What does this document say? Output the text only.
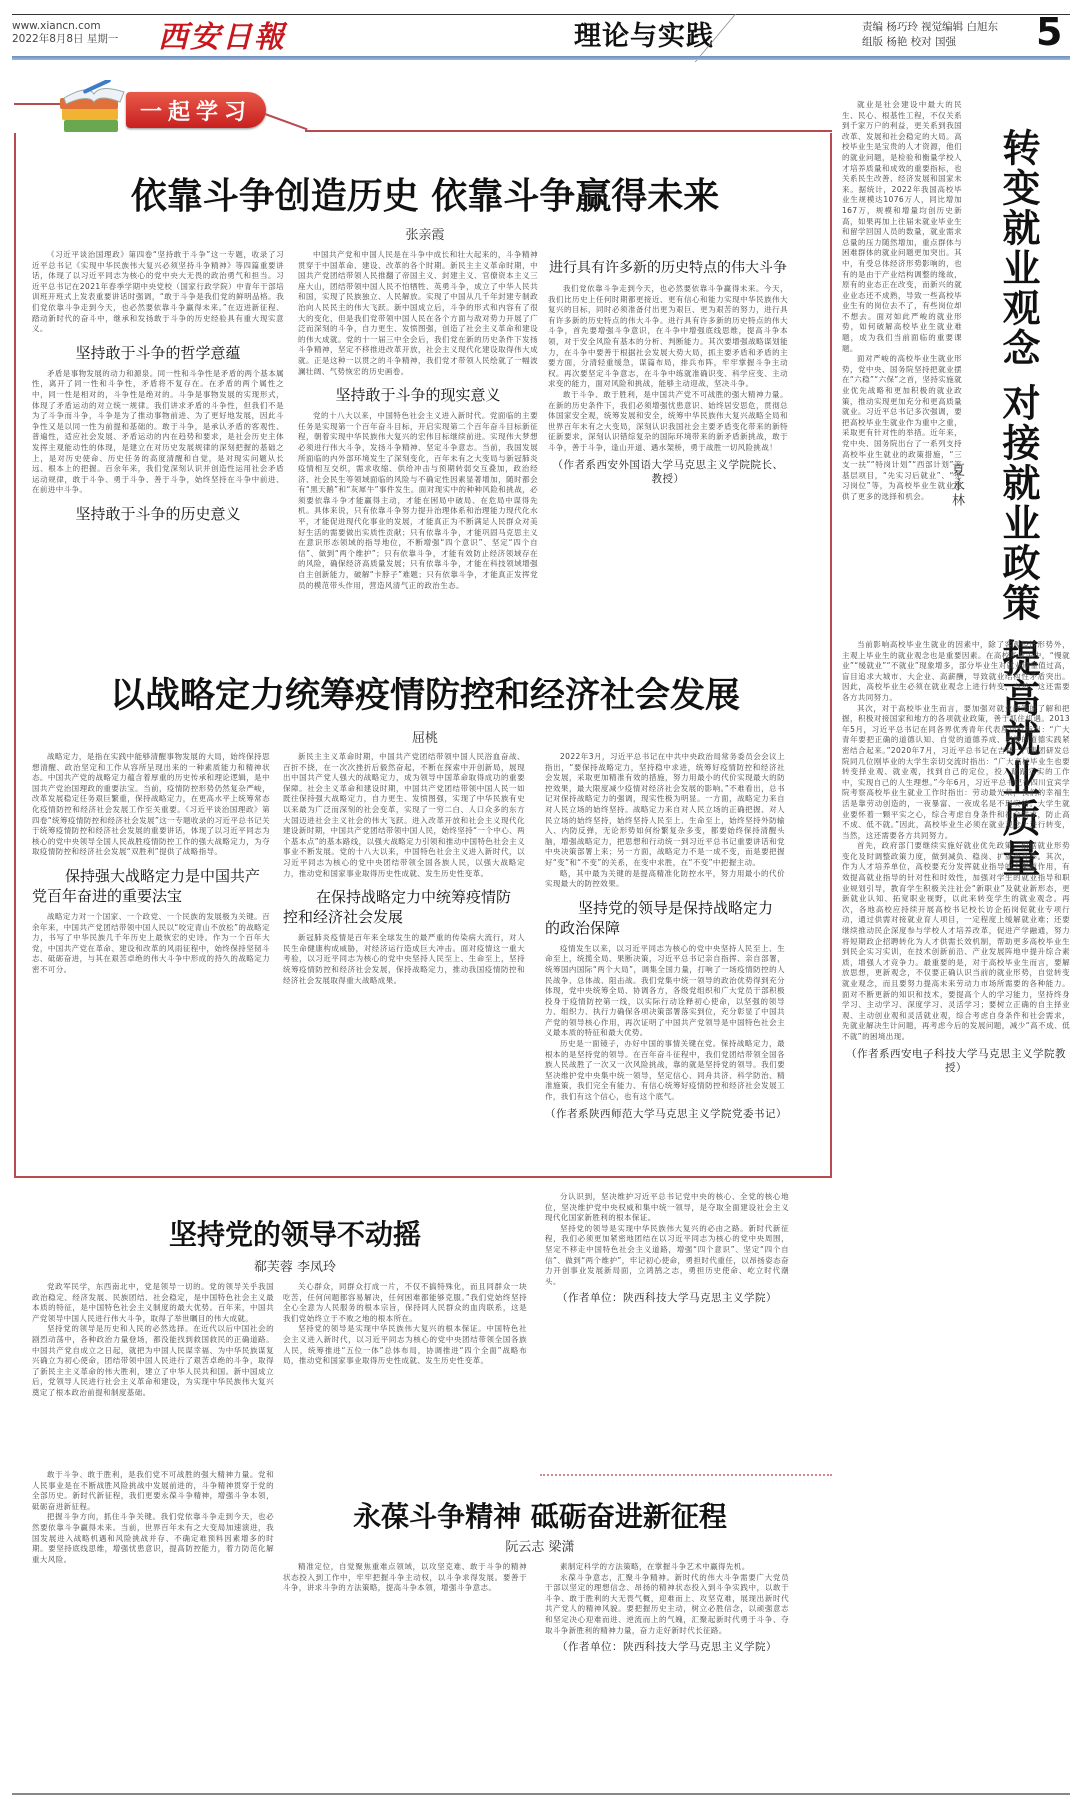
www.xiancn.com
2022年8月8日 星期一 西安日報	理论与实践	责编 杨巧玲 视觉编辑 白旭东
组版 杨艳 校对 国强	5
一起学习
依靠斗争创造历史 依靠斗争赢得未来
张亲霞

《习近平谈治国理政》第四卷“坚持敢于斗争”这一专题，收录了习近平总书记《实现中华民族伟大复兴必须坚持斗争精神》等四篇重要讲话，体现了以习近平同志为核心的党中央大无畏的政治勇气和担当。习近平总书记在2021年春季学期中央党校（国家行政学院）中青年干部培训班开班式上发表重要讲话时强调，“敢于斗争是我们党的鲜明品格。我们党依靠斗争走到今天，也必然要依靠斗争赢得未来。”在迈进新征程、踏动新时代的奋斗中，继承和发扬敢于斗争的历史经验具有重大现实意义。

坚持敢于斗争的哲学意蕴

矛盾是事物发展的动力和源泉。同一性和斗争性是矛盾的两个基本属性，离开了同一性和斗争性，矛盾将不复存在。在矛盾的两个属性之中，同一性是相对的，斗争性是绝对的。斗争是事物发展的实现形式，体现了矛盾运动的对立统一规律。我们讲求矛盾的斗争性，但我们不是为了斗争而斗争，斗争是为了推动事物前进、为了更好地发展，因此斗争性又是以同一性为前提和基础的。敢于斗争，是承认矛盾的客观性、普遍性，适应社会发展、矛盾运动的内在趋势和要求，是社会历史主体发挥主观能动性的体现，是建立在对历史发展规律的深刻把握的基础之上，是对历史使命、历史任务的高度清醒和自觉，是对现实问题从长远、根本上的把握。百余年来，我们党深刻认识并创造性运用社会矛盾运动规律，敢于斗争、勇于斗争、善于斗争，始终坚持在斗争中前进、在前进中斗争。

坚持敢于斗争的历史意义

中国共产党和中国人民是在斗争中成长和壮大起来的，斗争精神贯穿于中国革命、建设、改革的各个时期。新民主主义革命时期，中国共产党团结带领人民推翻了帝国主义、封建主义、官僚资本主义三座大山，团结带领中国人民不怕牺牲、英勇斗争，成立了中华人民共和国，实现了民族独立、人民解放。实现了中国从几千年封建专制政治向人民民主的伟大飞跃。新中国成立后，斗争的形式和内容有了很大的变化，但是我们党带领中国人民在各个方面与敌对势力开展了广泛而深刻的斗争，自力更生、发愤图强，创造了社会主义革命和建设的伟大成就。党的十一届三中全会后，我们党在新的历史条件下发扬斗争精神，坚定不移推进改革开放，社会主义现代化建设取得伟大成就。正是这种一以贯之的斗争精神，我们党才带领人民绘就了一幅波澜壮阔、气势恢宏的历史画卷。

坚持敢于斗争的现实意义

党的十八大以来，中国特色社会主义进入新时代。党面临的主要任务是实现第一个百年奋斗目标，开启实现第二个百年奋斗目标新征程，朝着实现中华民族伟大复兴的宏伟目标继续前进。实现伟大梦想必须进行伟大斗争，发扬斗争精神、坚定斗争意志。当前，我国发展所面临的内外部环境发生了深刻变化，百年未有之大变局与新冠肺炎疫情相互交织，需求收缩、供给冲击与预期转弱交互叠加，政治经济、社会民生等领域面临的风险与不确定性因素显著增加，随时都会有“黑天鹅”和“灰犀牛”事件发生。面对现实中的种种风险和挑战，必须要依靠斗争才能赢得主动，才能在困局中破局、在危局中谋得先机。具体来说，只有依靠斗争努力提升治理体系和治理能力现代化水平，才能促进现代化事业的发展，才能真正为不断满足人民群众对美好生活的需要做出实质性贡献；只有依靠斗争，才能巩固马克思主义在意识形态领域的指导地位，不断增强“四个意识”、坚定“四个自信”、做到“两个维护”；只有依靠斗争，才能有效防止经济领域存在的风险，确保经济高质量发展；只有依靠斗争，才能在科技领域增强自主创新能力，破解“卡脖子”难题；只有依靠斗争，才能真正发挥党员的模范带头作用，营造风清气正的政治生态。

进行具有许多新的历史特点的伟大斗争

我们党依靠斗争走到今天，也必然要依靠斗争赢得未来。今天，我们比历史上任何时期都更接近、更有信心和能力实现中华民族伟大复兴的目标，同时必须准备付出更为艰巨、更为艰苦的努力，进行具有许多新的历史特点的伟大斗争。进行具有许多新的历史特点的伟大斗争，首先要增强斗争意识，在斗争中增强底线思维，提高斗争本领，对于安全风险有基本的分析、判断能力。其次要增强战略谋划能力，在斗争中要善于根据社会发展大势大局，抓主要矛盾和矛盾的主要方面，分清轻重缓急，谋篇布局，排兵布阵，牢牢掌握斗争主动权。再次要坚定斗争意志，在斗争中练就准确识变、科学应变、主动求变的能力，面对风险和挑战，能够主动迎战，坚决斗争。

敢于斗争、敢于胜利，是中国共产党不可战胜的强大精神力量。在新的历史条件下，我们必须增强忧患意识、始终居安思危，贯彻总体国家安全观，统筹发展和安全，统筹中华民族伟大复兴战略全局和世界百年未有之大变局，深刻认识我国社会主要矛盾变化带来的新特征新要求，深刻认识错综复杂的国际环境带来的新矛盾新挑战，敢于斗争，善于斗争，逢山开道、遇水架桥，勇于战胜一切风险挑战！

（作者系西安外国语大学马克思主义学院院长、教授）
以战略定力统筹疫情防控和经济社会发展
屈桃

战略定力，是指在实践中能够清醒事物发展的大局，始终保持思想清醒、政治坚定和工作从容所呈现出来的一种素质能力和精神状态。中国共产党的战略定力蕴含着厚重的历史传承和理论逻辑，是中国共产党治国理政的重要法宝。当前，疫情防控形势仍然复杂严峻，改革发展稳定任务艰巨繁重，保持战略定力，在更高水平上统筹常态化疫情防控和经济社会发展工作至关重要。《习近平谈治国理政》第四卷“统筹疫情防控和经济社会发展”这一专题收录的习近平总书记关于统筹疫情防控和经济社会发展的重要讲话，体现了以习近平同志为核心的党中央领导全国人民战胜疫情防控工作的强大战略定力，为夺取疫情防控和经济社会发展“双胜利”提供了战略指导。

保持强大战略定力是中国共产党百年奋进的重要法宝

战略定力对一个国家、一个政党、一个民族的发展极为关键。百余年来，中国共产党团结带领中国人民以“咬定青山不放松”的战略定力，书写了中华民族几千年历史上最恢宏的史诗。作为一个百年大党，中国共产党在革命、建设和改革的风雨征程中，始终保持坚韧斗志、砥砺奋进，与其在艰苦卓绝的伟大斗争中形成的持久的战略定力密不可分。

新民主主义革命时期，中国共产党团结带领中国人民浴血奋战、百折不挠，在一次次挫折后毅然奋起，不断在探索中开创新局，展现出中国共产党人强大的战略定力，成为领导中国革命取得成功的重要保障。社会主义革命和建设时期，中国共产党团结带领中国人民一如既往保持强大战略定力，自力更生、发愤图强，实现了中华民族有史以来最为广泛而深刻的社会变革，实现了一穷二白、人口众多的东方大国迈进社会主义社会的伟大飞跃。进入改革开放和社会主义现代化建设新时期，中国共产党团结带领中国人民，始终坚持“一个中心、两个基本点”的基本路线，以强大战略定力引领和推动中国特色社会主义事业不断发展。党的十八大以来，中国特色社会主义进入新时代，以习近平同志为核心的党中央团结带领全国各族人民，以强大战略定力，推动党和国家事业取得历史性成就、发生历史性变革。

在保持战略定力中统筹疫情防控和经济社会发展

新冠肺炎疫情是百年来全球发生的最严重的传染病大流行，对人民生命健康构成威胁，对经济运行造成巨大冲击。面对疫情这一重大考验，以习近平同志为核心的党中央坚持人民至上、生命至上，坚持统筹疫情防控和经济社会发展，保持战略定力，推动我国疫情防控和经济社会发展取得重大战略成果。

2022年3月，习近平总书记在中共中央政治局常务委员会会议上指出，“要保持战略定力，坚持稳中求进，统筹好疫情防控和经济社会发展，采取更加精准有效的措施，努力用最小的代价实现最大的防控效果，最大限度减少疫情对经济社会发展的影响。”不难看出，总书记对保持战略定力的强调，现实性极为明显。一方面，战略定力来自对人民立场的始终坚持。战略定力来自对人民立场的正确把握、对人民立场的始终坚持，始终坚持人民至上、生命至上，始终坚持外防输入、内防反弹，无论形势如何纷繁复杂多变，都要始终保持清醒头脑，增强战略定力，把思想和行动统一到习近平总书记重要讲话和党中央决策部署上来；另一方面，战略定力不是一成不变，而是要把握好“变”和“不变”的关系，在变中求胜，在“不变”中把握主动。

略，其中最为关键的是提高精准化防控水平，努力用最小的代价实现最大的防控效果。

坚持党的领导是保持战略定力的政治保障

疫情发生以来，以习近平同志为核心的党中央坚持人民至上、生命至上，统揽全局、果断决策，习近平总书记亲自指挥、亲自部署，统筹国内国际“两个大局”，调集全国力量，打响了一场疫情防控的人民战争、总体战、阻击战。我们党集中统一领导的政治优势得到充分体现，党中央统筹全局、协调各方，各级党组织和广大党员干部积极投身于疫情防控第一线，以实际行动诠释初心使命，以坚强的领导力、组织力、执行力确保各项决策部署落实到位，充分彰显了中国共产党的领导核心作用，再次证明了中国共产党领导是中国特色社会主义最本质的特征和最大优势。

历史是一面镜子，办好中国的事情关键在党。保持战略定力，最根本的是坚持党的领导。在百年奋斗征程中，我们党团结带领全国各族人民战胜了一次又一次风险挑战，靠的就是坚持党的领导。我们要坚决维护党中央集中统一领导，坚定信心、同舟共济、科学防治、精准施策，我们完全有能力、有信心统筹好疫情防控和经济社会发展工作，我们有这个信心，也有这个底气。

（作者系陕西师范大学马克思主义学院党委书记）
转变就业观念 对接就业政策 提高就业质量
夏永林

就业是社会建设中最大的民生、民心、根基性工程，不仅关系到千家万户的利益，更关系到我国改革、发展和社会稳定的大局。高校毕业生是宝贵的人才资源，他们的就业问题，是检验和衡量学校人才培养质量和成效的重要指标，也关系民生改善、经济发展和国家未来。据统计，2022年我国高校毕业生规模达1076万人，同比增加167万，规模和增量均创历史新高，如果再加上往届未就业毕业生和留学回国人员的数量，就业需求总量的压力随然增加，重点群体与困难群体的就业问题更加突出。其中，有受总体经济形势影响的，也有的是由于产业结构调整的缘故，原有的业态正在改变，而新兴的就业业态还不成熟，导致一些高校毕业生有的岗位去不了，有些岗位却不想去。面对如此严峻的就业形势，如何破解高校毕业生就业难题，成为我们当前面临的重要课题。

面对严峻的高校毕业生就业形势，党中央、国务院坚持把就业摆在“六稳”“六保”之首，坚持实施就业优先战略和更加积极的就业政策，推动实现更加充分和更高质量就业。习近平总书记多次强调，要把高校毕业生就业作为重中之重，采取更有针对性的举措。近年来，党中央、国务院出台了一系列支持高校毕业生就业的政策措施，“三支一扶”“特岗计划”“西部计划”等基层项目，“先实习后就业”、“见习岗位”等，为高校毕业生就业提供了更多的选择和机会。

当前影响高校毕业生就业的因素中，除了客观经济形势外，主观上毕业生的就业观念也是重要因素。在高校毕业生中，“慢就业”“缓就业”“不就业”现象增多，部分毕业生对就业期望值过高，盲目追求大城市、大企业、高薪酬，导致就业结构性矛盾突出。因此，高校毕业生必须在就业观念上进行转变，当然，这还需要各方共同努力。

其次，对于高校毕业生而言，要加强对就业政策的了解和把握，积极对接国家和地方的各项就业政策，善于抓住机遇。2013年5月，习近平总书记在同各界优秀青年代表座谈时指出：“广大青年要把正确的道德认知、自觉的道德养成、积极的道德实践紧密结合起来。”2020年7月，习近平总书记在吉林一汽集团研发总院同几位刚毕业的大学生亲切交流时指出：“广大高校毕业生也要转变择业观、就业观，找到自己的定位，投入踏踏实实的工作中，实现自己的人生理想。”今年6月，习近平总书记在四川宜宾学院考察高校毕业生就业工作时指出：劳动最光荣，我们的幸福生活是靠劳动创造的，一夜暴富、一夜成名是不现实的。大学生就业要怀着一颗平实之心，综合考虑自身条件和社会需求，防止高不成、低不就。”因此，高校毕业生必须在就业观念上进行转变，当然，这还需要各方共同努力。

首先，政府部门要继续实施好就业优先政策，根据就业形势变化及时调整政策力度，做到减负、稳岗、扩就业并举。其次，作为人才培养单位，高校要充分发挥就业指导的主渠道作用，有效提高就业指导的针对性和时效性，加强对学生的就业指导和职业规划引导，教育学生积极关注社会“新职业”及就业新形态，更新就业认知、拓宽职业视野，以此来转变学生的就业观念。再次，各地高校应持续开展高校书记校长访企拓岗促就业专项行动，通过供需对接就业育人项目，一定程度上缓解就业难；还要继续推动民企深度参与学校人才培养改革，促进产学融通，努力将短期政企招聘转化为人才供需长效机制，帮助更多高校毕业生到民企实习实训，在技术创新前沿、产业发展阵地中提升综合素质，增强人才竞争力。最重要的是，对于高校毕业生而言，要解放思想，更新观念，不仅要正确认识当前的就业形势，自觉转变就业观念，而且要努力提高未来劳动力市场所需要的各种能力。面对不断更新的知识和技术，要提高个人的学习能力，坚持终身学习、主动学习、深度学习、灵活学习；要树立正确的自主择业观、主动创业观和灵活就业观，综合考虑自身条件和社会需求，先就业解决生计问题，再考虑今后的发展问题，减少“高不成、低不就”的困境出现。

（作者系西安电子科技大学马克思主义学院教授）
坚持党的领导不动摇
郗芙蓉 李凤玲

党政军民学，东西南北中，党是领导一切的。党的领导关乎我国政治稳定、经济发展、民族团结、社会稳定，是中国特色社会主义最本质的特征，是中国特色社会主义制度的最大优势。百年来，中国共产党领导中国人民进行伟大斗争，取得了举世瞩目的伟大成就。

坚持党的领导是历史和人民的必然选择。在近代以后中国社会的剧烈动荡中，各种政治力量登场，都没能找到救国救民的正确道路。中国共产党自成立之日起，就把为中国人民谋幸福、为中华民族谋复兴确立为初心使命，团结带领中国人民进行了艰苦卓绝的斗争，取得了新民主主义革命的伟大胜利，建立了中华人民共和国。新中国成立后，党领导人民进行社会主义革命和建设，为实现中华民族伟大复兴奠定了根本政治前提和制度基础。

关心群众，同群众打成一片，不仅不搞特殊化，而且同群众一块吃苦，任何问题都容易解决，任何困难都能够克服。”我们党始终坚持全心全意为人民服务的根本宗旨，保持同人民群众的血肉联系，这是我们党始终立于不败之地的根本所在。

坚持党的领导是实现中华民族伟大复兴的根本保证。中国特色社会主义进入新时代，以习近平同志为核心的党中央团结带领全国各族人民，统筹推进“五位一体”总体布局，协调推进“四个全面”战略布局，推动党和国家事业取得历史性成就、发生历史性变革。

分认识到，坚决维护习近平总书记党中央的核心、全党的核心地位，坚决维护党中央权威和集中统一领导，是夺取全面建设社会主义现代化国家新胜利的根本保证。

坚持党的领导是实现中华民族伟大复兴的必由之路。新时代新征程，我们必须更加紧密地团结在以习近平同志为核心的党中央周围，坚定不移走中国特色社会主义道路，增强“四个意识”、坚定“四个自信”、做到“两个维护”，牢记初心使命，勇担时代重任，以昂扬姿态奋力开创事业发展新局面，立鸿鹄之志，勇担历史使命、屹立时代潮头。

（作者单位：陕西科技大学马克思主义学院）

敢于斗争、敢于胜利，是我们党不可战胜的强大精神力量。党和人民事业是在不断战胜风险挑战中发展前进的，斗争精神贯穿于党的全部历史。新时代新征程，我们更要永葆斗争精神，增强斗争本领，砥砺奋进新征程。

把握斗争方向，抓住斗争关键。我们党依靠斗争走到今天，也必然要依靠斗争赢得未来。当前，世界百年未有之大变局加速演进，我国发展进入战略机遇和风险挑战并存、不确定难预料因素增多的时期。要坚持底线思维，增强忧患意识，提高防控能力，着力防范化解重大风险。

永葆斗争精神 砥砺奋进新征程
阮云志 梁潇

精准定位，自觉聚焦重难点领域，以攻坚克难、敢于斗争的精神状态投入到工作中，牢牢把握斗争主动权，以斗争求得发展。要善于斗争，讲求斗争的方法策略，提高斗争本领，增强斗争意志。

素制定科学的方法策略，在掌握斗争艺术中赢得先机。

永葆斗争意志，汇聚斗争精神。新时代的伟大斗争需要广大党员干部以坚定的理想信念、昂扬的精神状态投入到斗争实践中，以敢于斗争、敢于胜利的大无畏气概，迎难而上、攻坚克难，展现出新时代共产党人的精神风貌。要把握历史主动，树立必胜信念，以顽强意志和坚定决心迎难而进、逆流而上的气魄，汇聚起新时代勇于斗争、夺取斗争新胜利的精神力量，奋力走好新时代长征路。

（作者单位：陕西科技大学马克思主义学院）
